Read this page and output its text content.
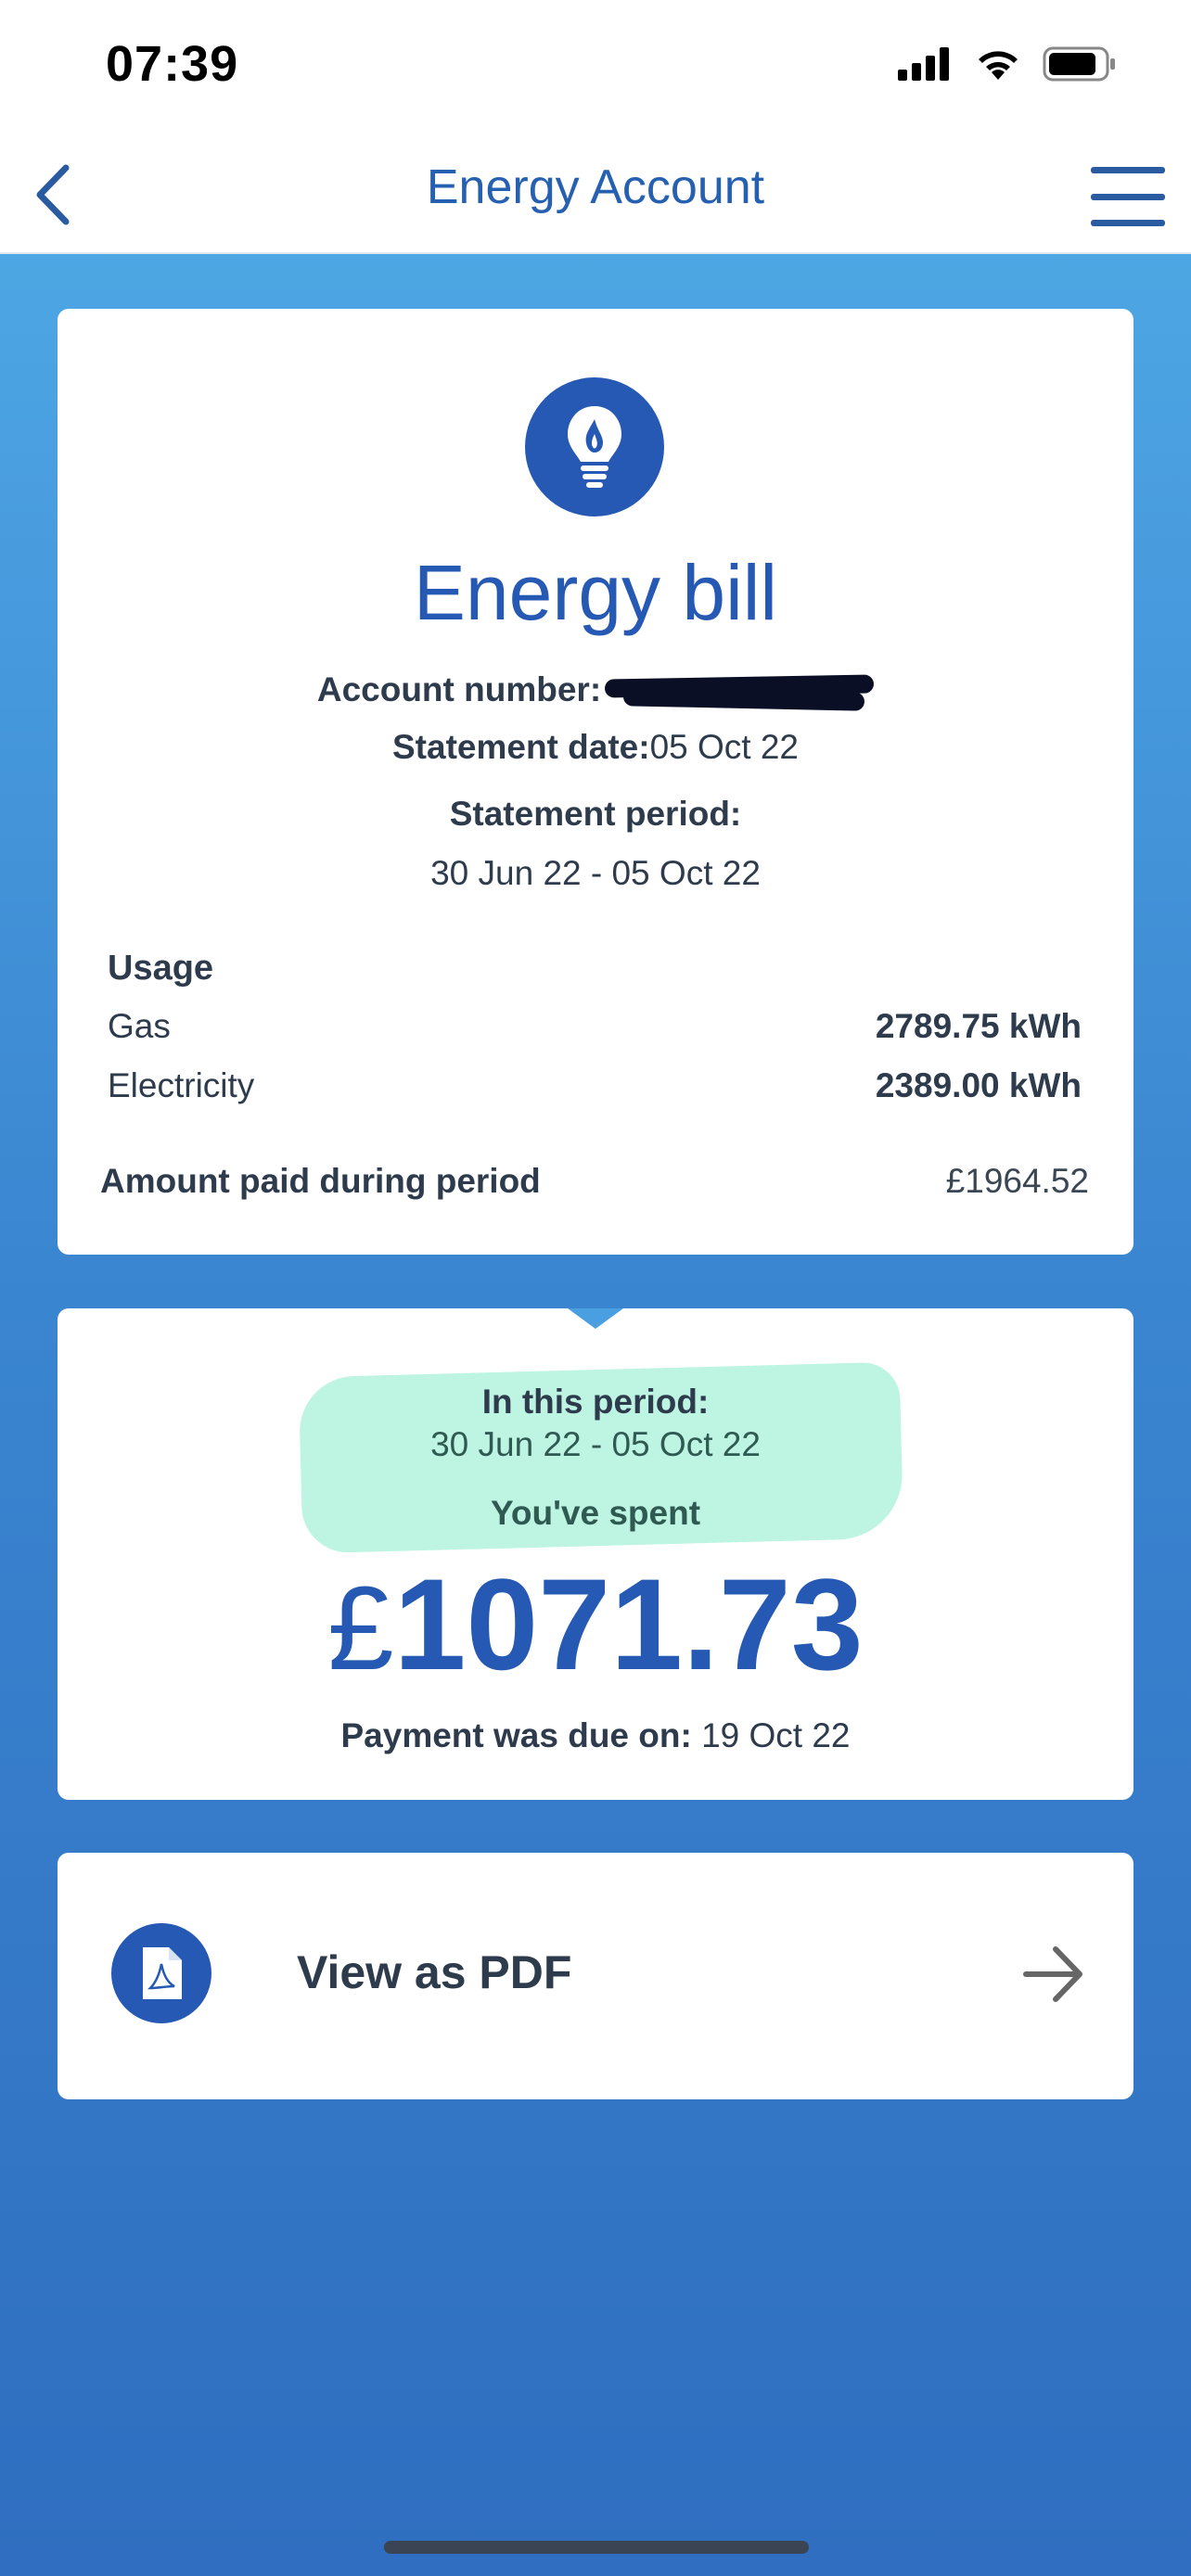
07:39
Energy Account
Energy bill
Account number:
Statement date:05 Oct 22
Statement period:
30 Jun 22 - 05 Oct 22
Usage
Gas	2789.75 kWh
Electricity	2389.00 kWh
Amount paid during period	£1964.52
In this period:
30 Jun 22 - 05 Oct 22
You've spent
£1071.73
Payment was due on: 19 Oct 22
View as PDF
